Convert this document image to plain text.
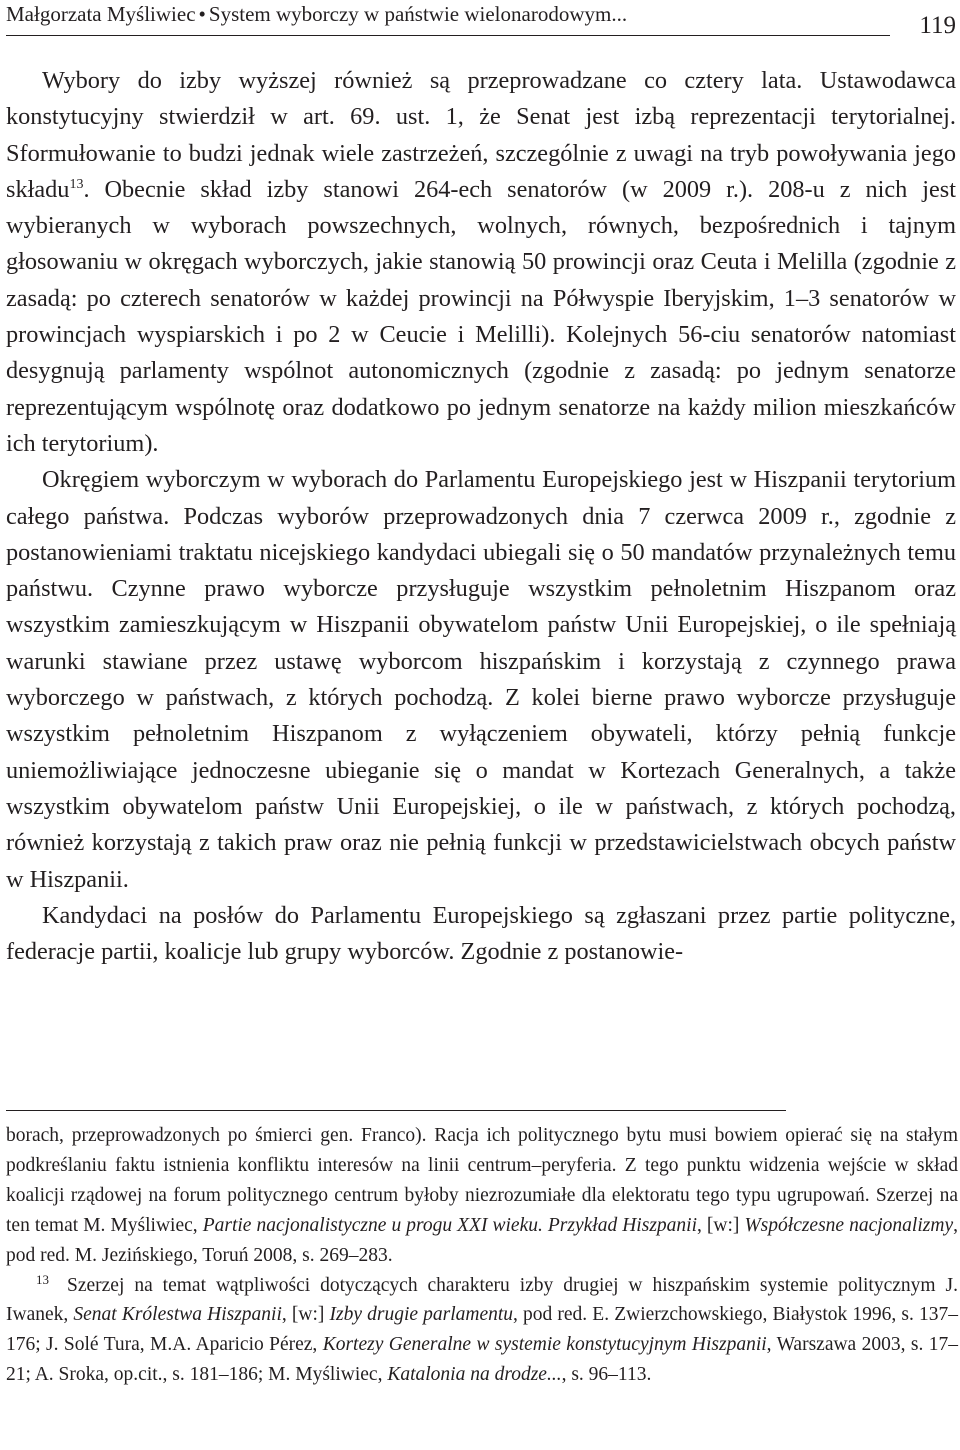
Małgorzata Myśliwiec • System wyborczy w państwie wielonarodowym...	119

Wybory do izby wyższej również są przeprowadzane co cztery lata. Ustawodawca konstytucyjny stwierdził w art. 69. ust. 1, że Senat jest izbą reprezentacji terytorialnej. Sformułowanie to budzi jednak wiele zastrzeżeń, szczególnie z uwagi na tryb powoływania jego składu$^{13}$. Obecnie skład izby stanowi 264-ech senatorów (w 2009 r.). 208-u z nich jest wybieranych w wyborach powszechnych, wolnych, równych, bezpośrednich i tajnym głosowaniu w okręgach wyborczych, jakie stanowią 50 prowincji oraz Ceuta i Melilla (zgodnie z zasadą: po czterech senatorów w każdej prowincji na Półwyspie Iberyjskim, 1–3 senatorów w prowincjach wyspiarskich i po 2 w Ceucie i Melilli). Kolejnych 56-ciu senatorów natomiast desygnują parlamenty wspólnot autonomicznych (zgodnie z zasadą: po jednym senatorze reprezentującym wspólnotę oraz dodatkowo po jednym senatorze na każdy milion mieszkańców ich terytorium).

Okręgiem wyborczym w wyborach do Parlamentu Europejskiego jest w Hiszpanii terytorium całego państwa. Podczas wyborów przeprowadzonych dnia 7 czerwca 2009 r., zgodnie z postanowieniami traktatu nicejskiego kandydaci ubiegali się o 50 mandatów przynależnych temu państwu. Czynne prawo wyborcze przysługuje wszystkim pełnoletnim Hiszpanom oraz wszystkim zamieszkującym w Hiszpanii obywatelom państw Unii Europejskiej, o ile spełniają warunki stawiane przez ustawę wyborcom hiszpańskim i korzystają z czynnego prawa wyborczego w państwach, z których pochodzą. Z kolei bierne prawo wyborcze przysługuje wszystkim pełnoletnim Hiszpanom z wyłączeniem obywateli, którzy pełnią funkcje uniemożliwiające jednoczesne ubieganie się o mandat w Kortezach Generalnych, a także wszystkim obywatelom państw Unii Europejskiej, o ile w państwach, z których pochodzą, również korzystają z takich praw oraz nie pełnią funkcji w przedstawicielstwach obcych państw w Hiszpanii.

Kandydaci na posłów do Parlamentu Europejskiego są zgłaszani przez partie polityczne, federacje partii, koalicje lub grupy wyborców. Zgodnie z postanowie-

borach, przeprowadzonych po śmierci gen. Franco). Racja ich politycznego bytu musi bowiem opierać się na stałym podkreślaniu faktu istnienia konfliktu interesów na linii centrum–peryferia. Z tego punktu widzenia wejście w skład koalicji rządowej na forum politycznego centrum byłoby niezrozumiałe dla elektoratu tego typu ugrupowań. Szerzej na ten temat M. Myśliwiec, Partie nacjonalistyczne u progu XXI wieku. Przykład Hiszpanii, [w:] Współczesne nacjonalizmy, pod red. M. Jezińskiego, Toruń 2008, s. 269–283.

$^{13}$ Szerzej na temat wątpliwości dotyczących charakteru izby drugiej w hiszpańskim systemie politycznym J. Iwanek, Senat Królestwa Hiszpanii, [w:] Izby drugie parlamentu, pod red. E. Zwierzchowskiego, Białystok 1996, s. 137–176; J. Solé Tura, M.A. Aparicio Pérez, Kortezy Generalne w systemie konstytucyjnym Hiszpanii, Warszawa 2003, s. 17–21; A. Sroka, op.cit., s. 181–186; M. Myśliwiec, Katalonia na drodze..., s. 96–113.
